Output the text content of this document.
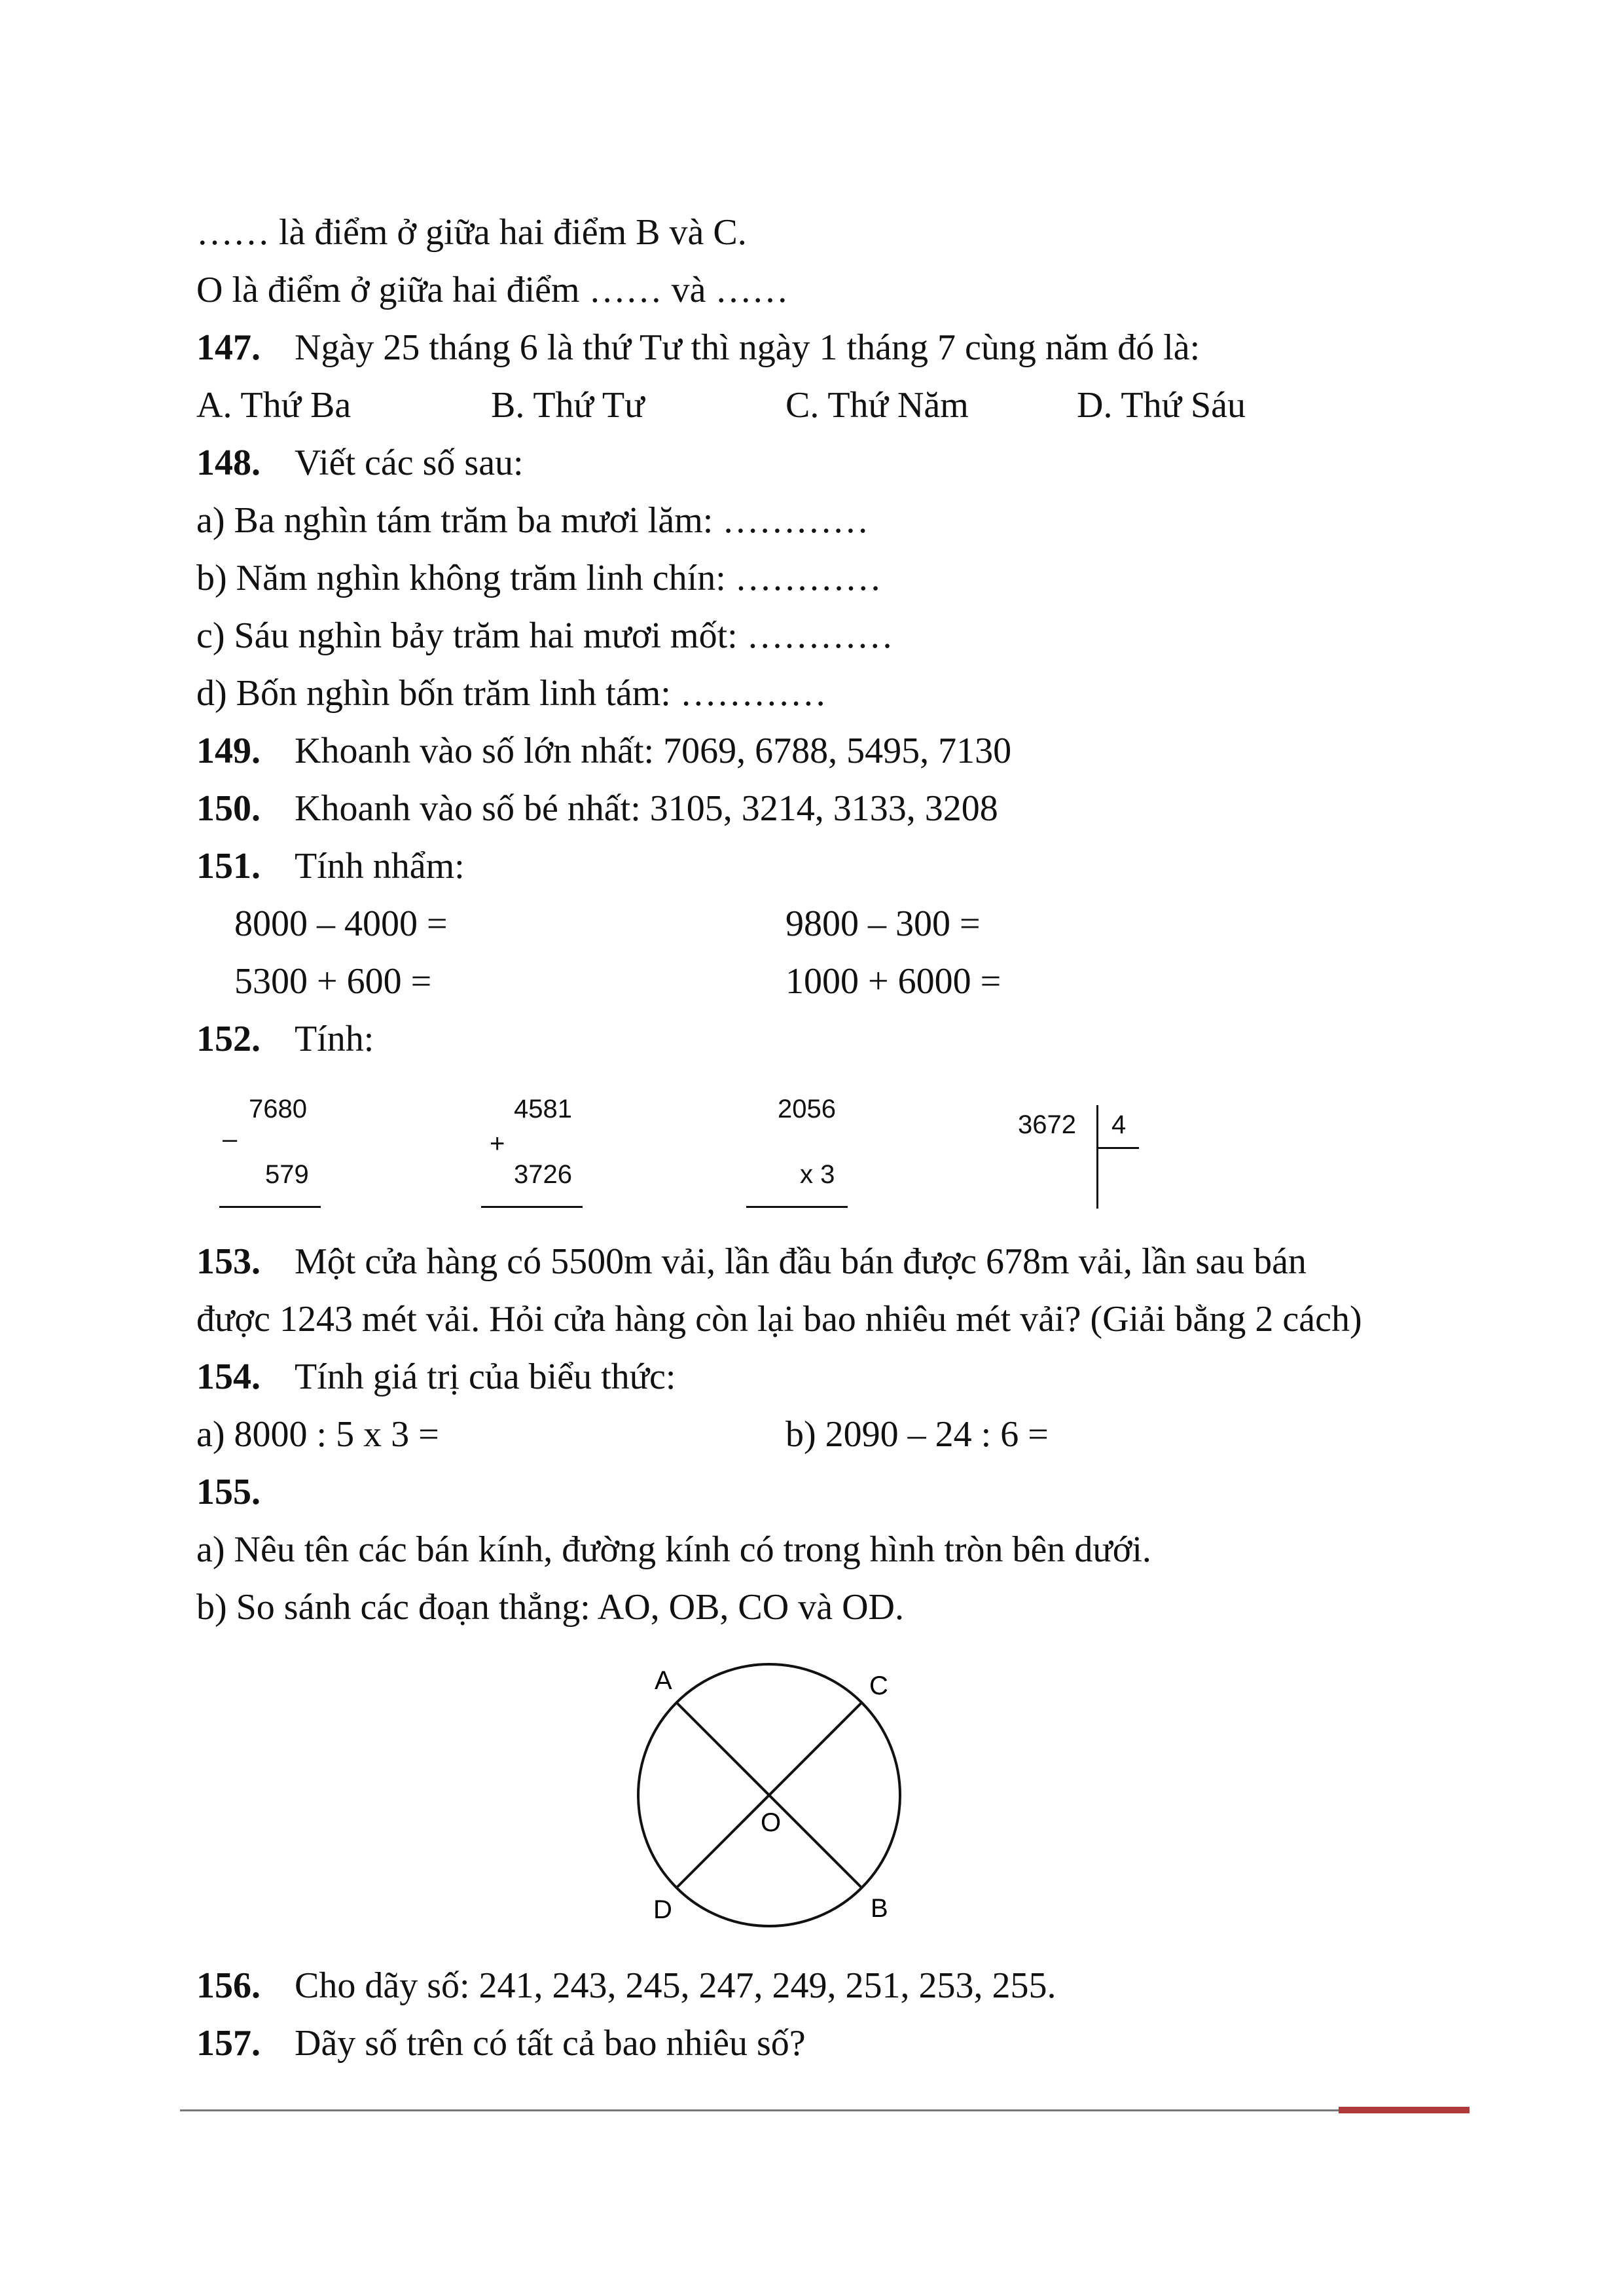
…… là điểm ở giữa hai điểm B và C.
O là điểm ở giữa hai điểm …… và ……
147. Ngày 25 tháng 6 là thứ Tư thì ngày 1 tháng 7 cùng năm đó là:
A. Thứ Ba	B. Thứ Tư	C. Thứ Năm	D. Thứ Sáu
148. Viết các số sau:
a) Ba nghìn tám trăm ba mươi lăm: …………
b) Năm nghìn không trăm linh chín: …………
c) Sáu nghìn bảy trăm hai mươi mốt: …………
d) Bốn nghìn bốn trăm linh tám: …………
149. Khoanh vào số lớn nhất: 7069, 6788, 5495, 7130
150. Khoanh vào số bé nhất: 3105, 3214, 3133, 3208
151. Tính nhẩm:
8000 – 4000 =	9800 – 300 =
5300 + 600 =	1000 + 6000 =
152. Tính:
7680
–
579
4581
+
3726
2056
x 3
3672 4
153. Một cửa hàng có 5500m vải, lần đầu bán được 678m vải, lần sau bán
được 1243 mét vải. Hỏi cửa hàng còn lại bao nhiêu mét vải? (Giải bằng 2 cách)
154. Tính giá trị của biểu thức:
a) 8000 : 5 x 3 =	b) 2090 – 24 : 6 =
155.
a) Nêu tên các bán kính, đường kính có trong hình tròn bên dưới.
b) So sánh các đoạn thẳng: AO, OB, CO và OD.
A	C
O
D	B
156. Cho dãy số: 241, 243, 245, 247, 249, 251, 253, 255.
157. Dãy số trên có tất cả bao nhiêu số?
